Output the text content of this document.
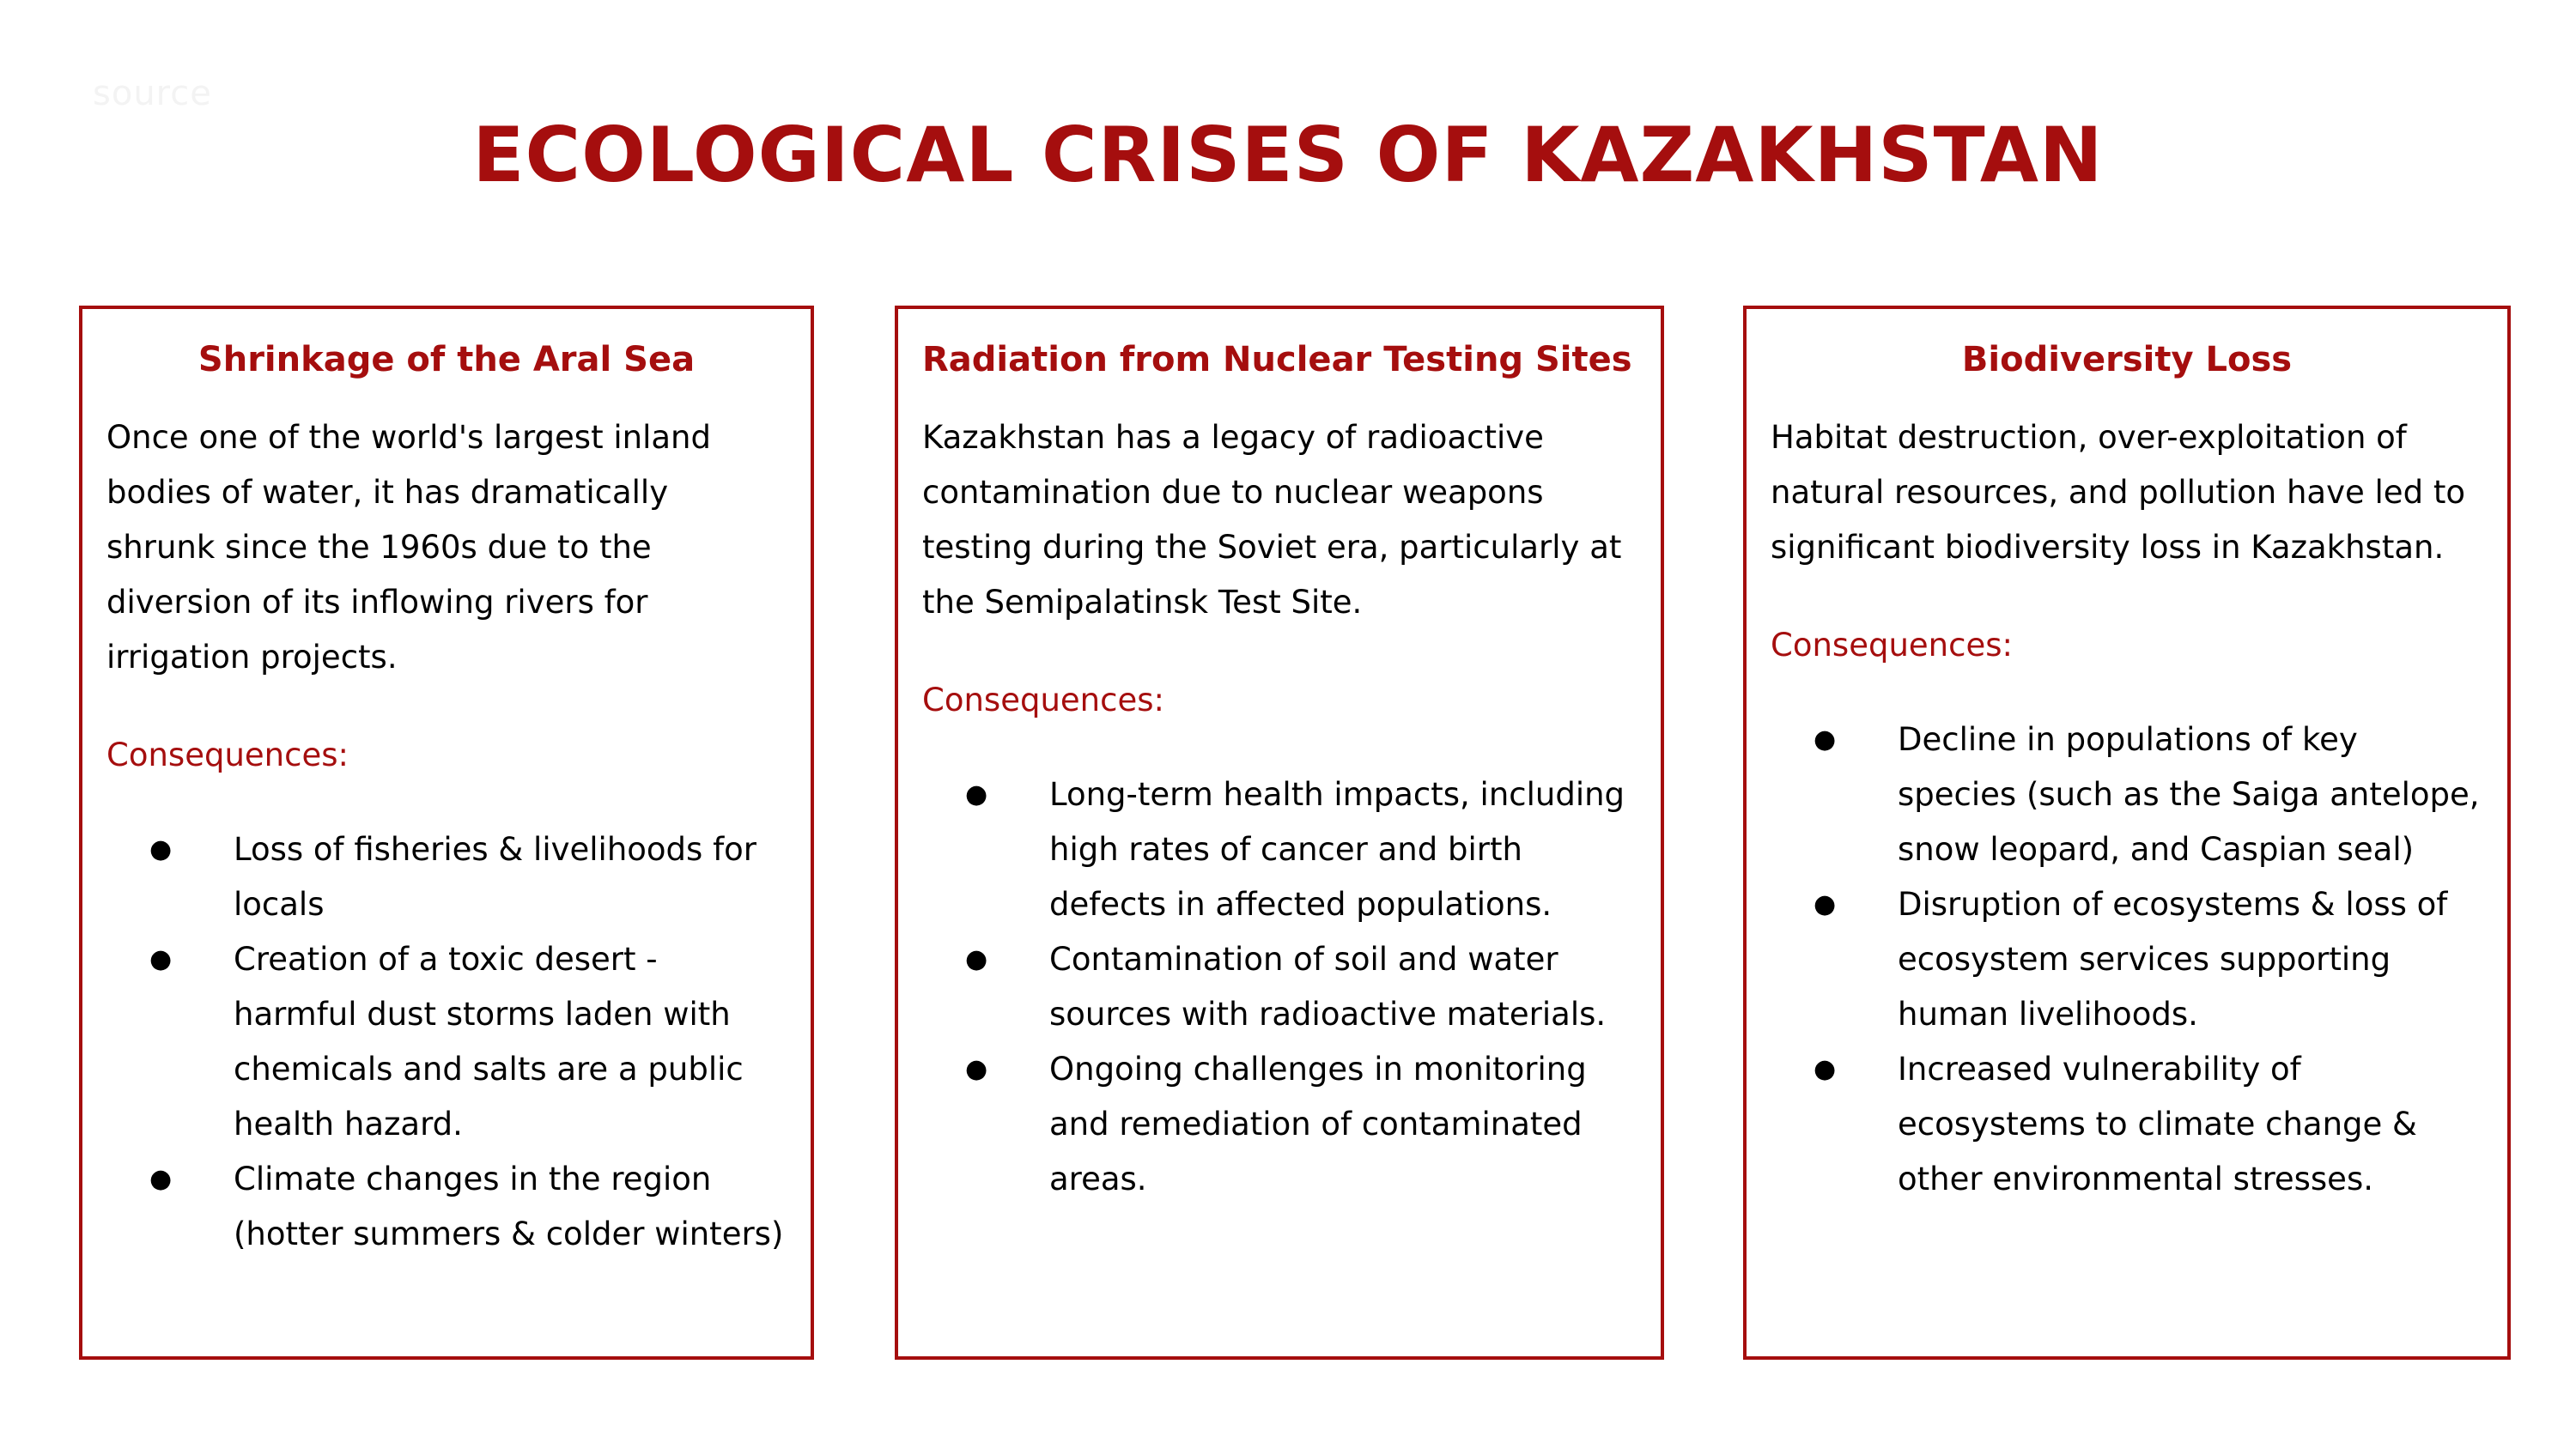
source
ECOLOGICAL CRISES OF KAZAKHSTAN
Shrinkage of the Aral Sea

Once one of the world's largest inland bodies of water, it has dramatically shrunk since the 1960s due to the diversion of its inflowing rivers for irrigation projects.

Consequences:
● Loss of fisheries & livelihoods for locals
● Creation of a toxic desert - harmful dust storms laden with chemicals and salts are a public health hazard.
● Climate changes in the region (hotter summers & colder winters)
Radiation from Nuclear Testing Sites

Kazakhstan has a legacy of radioactive contamination due to nuclear weapons testing during the Soviet era, particularly at the Semipalatinsk Test Site.

Consequences:
● Long-term health impacts, including high rates of cancer and birth defects in affected populations.
● Contamination of soil and water sources with radioactive materials.
● Ongoing challenges in monitoring and remediation of contaminated areas.
Biodiversity Loss

Habitat destruction, over-exploitation of natural resources, and pollution have led to significant biodiversity loss in Kazakhstan.

Consequences:
● Decline in populations of key species (such as the Saiga antelope, snow leopard, and Caspian seal)
● Disruption of ecosystems & loss of ecosystem services supporting human livelihoods.
● Increased vulnerability of ecosystems to climate change & other environmental stresses.
